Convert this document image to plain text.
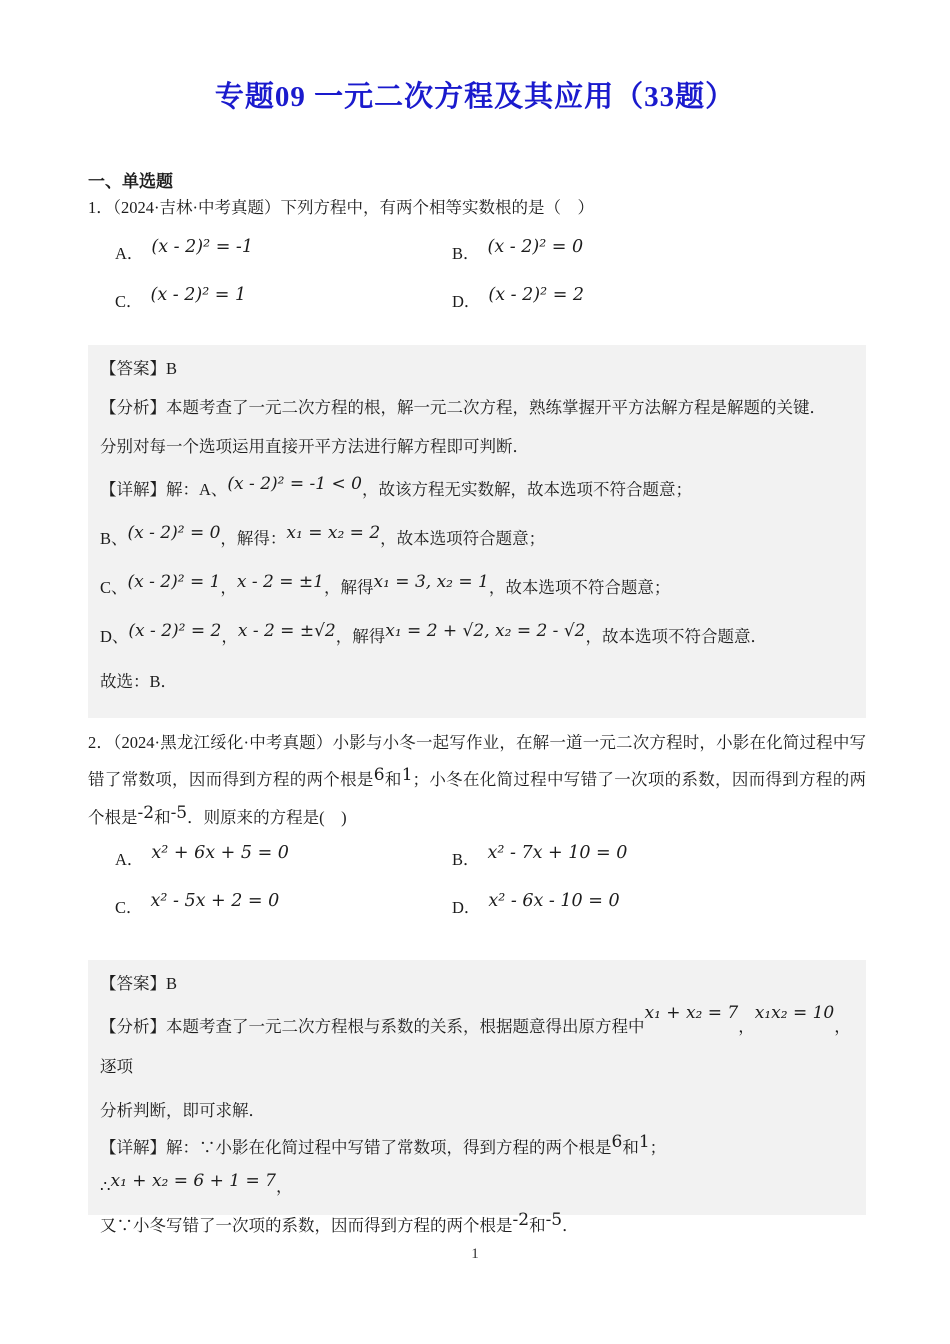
专题09 一元二次方程及其应用（33题）
一、单选题

1．（2024·吉林·中考真题）下列方程中，有两个相等实数根的是（　）

A． (x - 2)² = -1	B． (x - 2)² = 0
C． (x - 2)² = 1	D． (x - 2)² = 2

【答案】B

【分析】本题考查了一元二次方程的根，解一元二次方程，熟练掌握开平方法解方程是解题的关键．

分别对每一个选项运用直接开平方法进行解方程即可判断．

【详解】解：A、(x - 2)² = -1 < 0，故该方程无实数解，故本选项不符合题意；

B、(x - 2)² = 0，解得：x₁ = x₂ = 2，故本选项符合题意；

C、(x - 2)² = 1，x - 2 = ±1，解得x₁ = 3, x₂ = 1，故本选项不符合题意；

D、(x - 2)² = 2，x - 2 = ±√2，解得x₁ = 2 + √2, x₂ = 2 - √2，故本选项不符合题意．

故选：B．

2．（2024·黑龙江绥化·中考真题）小影与小冬一起写作业，在解一道一元二次方程时，小影在化简过程中写错了常数项，因而得到方程的两个根是6和1；小冬在化简过程中写错了一次项的系数，因而得到方程的两个根是-2和-5．则原来的方程是(　)

A． x² + 6x + 5 = 0	B． x² - 7x + 10 = 0
C． x² - 5x + 2 = 0	D． x² - 6x - 10 = 0

【答案】B

【分析】本题考查了一元二次方程根与系数的关系，根据题意得出原方程中x₁ + x₂ = 7，x₁x₂ = 10，逐项

分析判断，即可求解．

【详解】解：∵小影在化简过程中写错了常数项，得到方程的两个根是6和1；

∴x₁ + x₂ = 6 + 1 = 7，

又∵小冬写错了一次项的系数，因而得到方程的两个根是-2和-5．

1
